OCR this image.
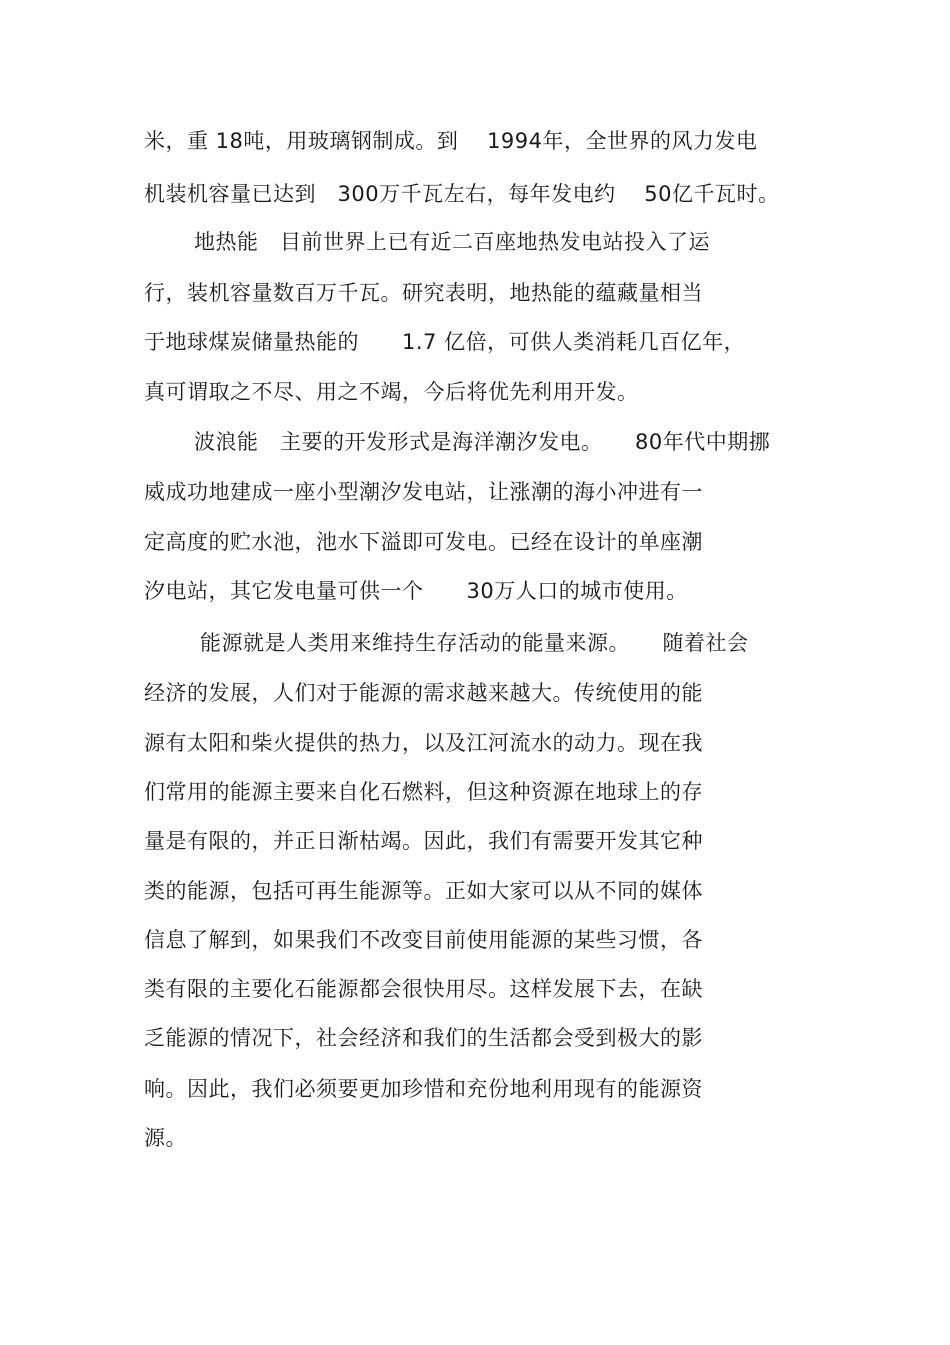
米，重 18吨，用玻璃钢制成。到　 1994年，全世界的风力发电
机装机容量已达到　300万千瓦左右，每年发电约　 50亿千瓦时。
地热能　目前世界上已有近二百座地热发电站投入了运
行，装机容量数百万千瓦。研究表明，地热能的蕴藏量相当
于地球煤炭储量热能的　　1.7 亿倍，可供人类消耗几百亿年，
真可谓取之不尽、用之不竭，今后将优先利用开发。
波浪能　主要的开发形式是海洋潮汐发电。　　80年代中期挪
威成功地建成一座小型潮汐发电站，让涨潮的海小冲进有一
定高度的贮水池，池水下溢即可发电。已经在设计的单座潮
汐电站，其它发电量可供一个　　30万人口的城市使用。
能源就是人类用来维持生存活动的能量来源。　　随着社会
经济的发展，人们对于能源的需求越来越大。传统使用的能
源有太阳和柴火提供的热力，以及江河流水的动力。现在我
们常用的能源主要来自化石燃料，但这种资源在地球上的存
量是有限的，并正日渐枯竭。因此，我们有需要开发其它种
类的能源，包括可再生能源等。正如大家可以从不同的媒体
信息了解到，如果我们不改变目前使用能源的某些习惯，各
类有限的主要化石能源都会很快用尽。这样发展下去，在缺
乏能源的情况下，社会经济和我们的生活都会受到极大的影
响。因此，我们必须要更加珍惜和充份地利用现有的能源资
源。
